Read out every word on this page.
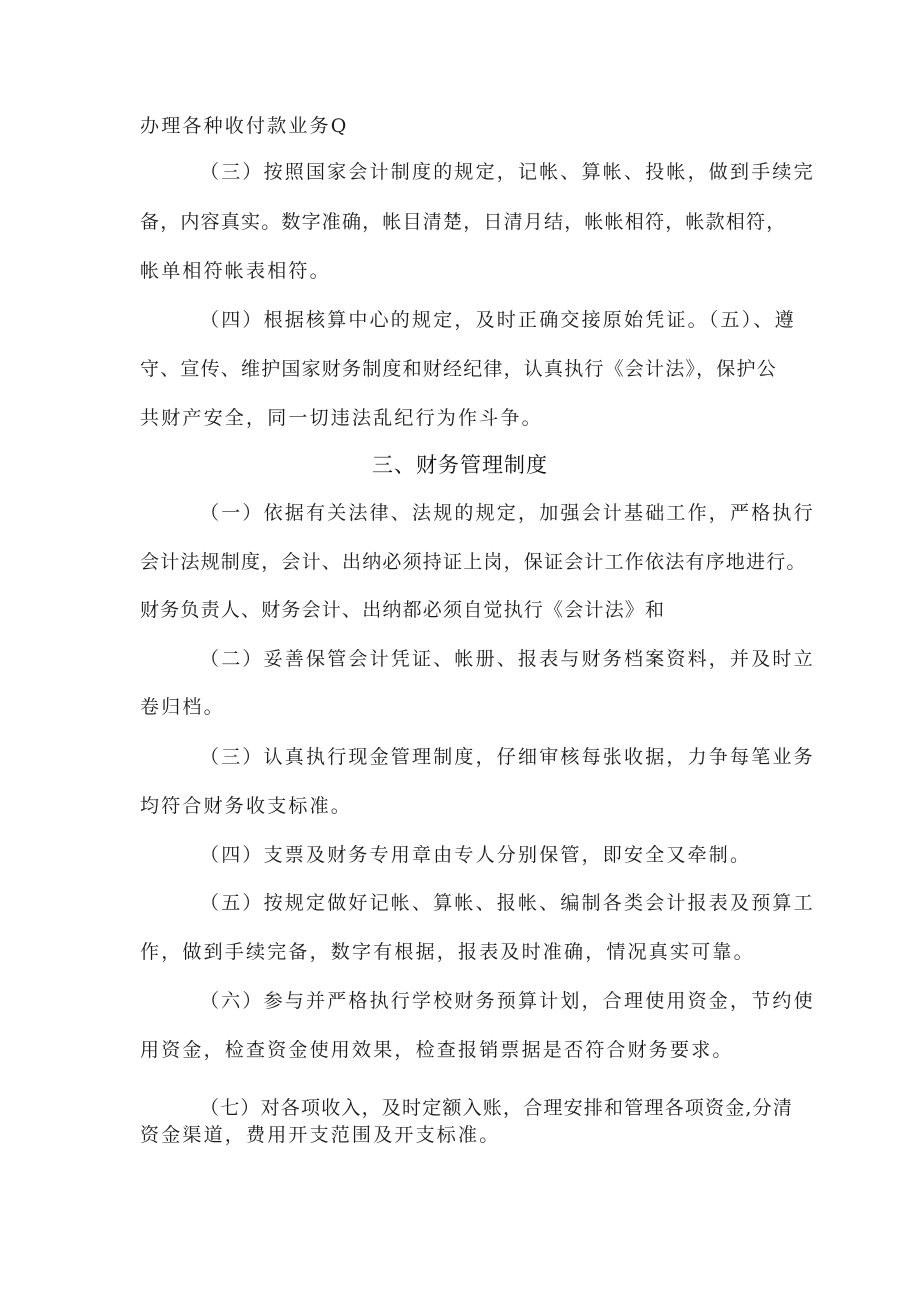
办理各种收付款业务Q
（三）按照国家会计制度的规定，记帐、算帐、投帐，做到手续完
备，内容真实。数字准确，帐目清楚，日清月结，帐帐相符，帐款相符，
帐单相符帐表相符。
（四）根据核算中心的规定，及时正确交接原始凭证。（五）、遵
守、宣传、维护国家财务制度和财经纪律，认真执行《会计法》，保护公
共财产安全，同一切违法乱纪行为作斗争。
三、财务管理制度
（一）依据有关法律、法规的规定，加强会计基础工作，严格执行
会计法规制度，会计、出纳必须持证上岗，保证会计工作依法有序地进行。
财务负责人、财务会计、出纳都必须自觉执行《会计法》和
（二）妥善保管会计凭证、帐册、报表与财务档案资料，并及时立
卷归档。
（三）认真执行现金管理制度，仔细审核每张收据，力争每笔业务
均符合财务收支标准。
（四）支票及财务专用章由专人分别保管，即安全又牵制。
（五）按规定做好记帐、算帐、报帐、编制各类会计报表及预算工
作，做到手续完备，数字有根据，报表及时准确，情况真实可靠。
（六）参与并严格执行学校财务预算计划，合理使用资金，节约使
用资金，检查资金使用效果，检查报销票据是否符合财务要求。
（七）对各项收入，及时定额入账，合理安排和管理各项资金,分清
资金渠道，费用开支范围及开支标准。
